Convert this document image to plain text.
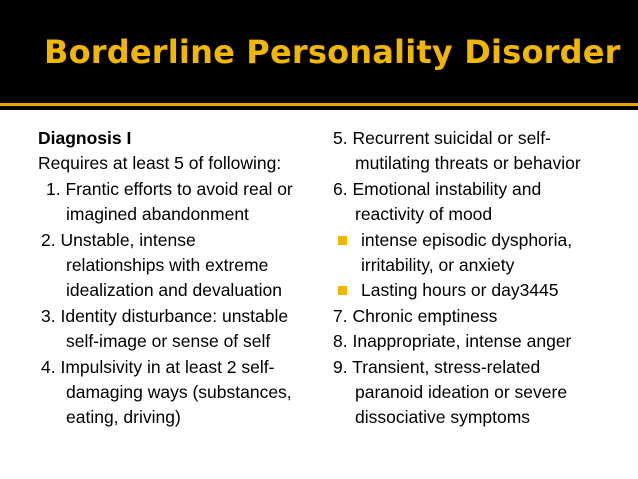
Borderline Personality Disorder
Diagnosis I
Requires at least 5 of following:
1. Frantic efforts to avoid real or
imagined abandonment
2. Unstable, intense
relationships with extreme
idealization and devaluation
3. Identity disturbance: unstable
self-image or sense of self
4. Impulsivity in at least 2 self-
damaging ways (substances,
eating, driving)
5. Recurrent suicidal or self-
mutilating threats or behavior
6. Emotional instability and
reactivity of mood
intense episodic dysphoria,
irritability, or anxiety
Lasting hours or day3445
7. Chronic emptiness
8. Inappropriate, intense anger
9. Transient, stress-related
paranoid ideation or severe
dissociative symptoms
